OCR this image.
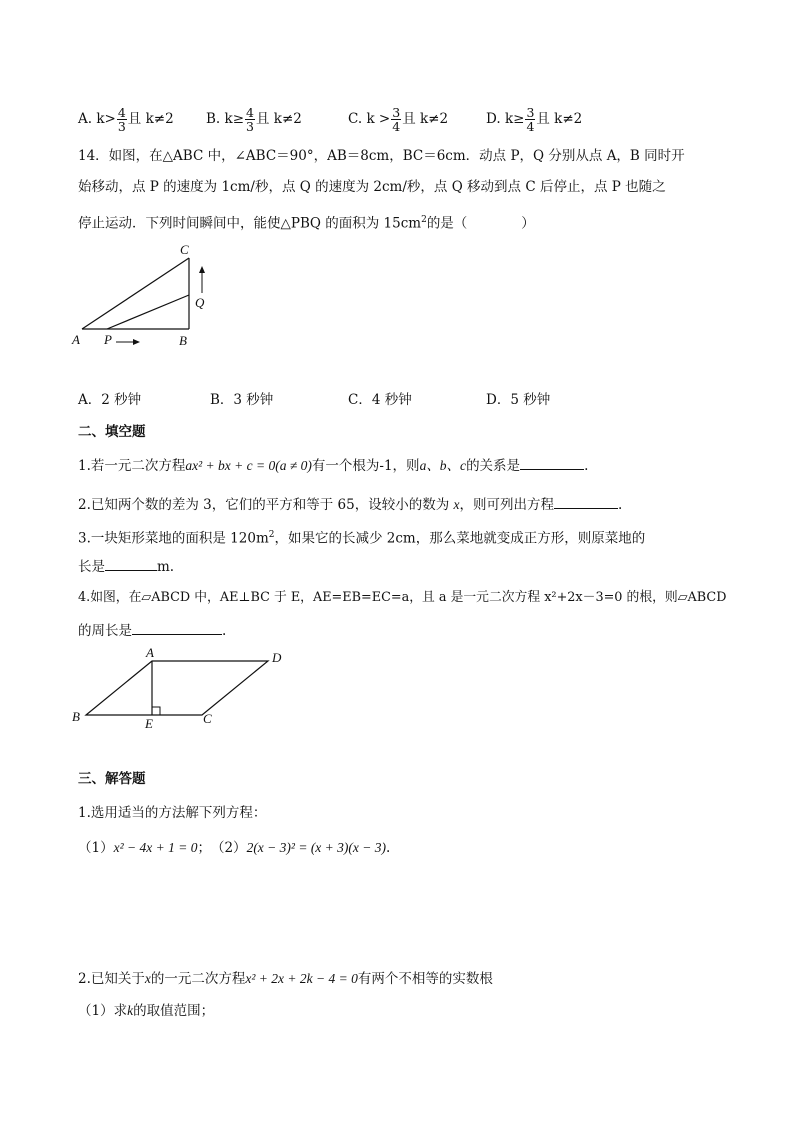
A. $k> \frac{4}{3}$ 且 k≠2 B. $k\ge \frac{4}{3}$ 且 k≠2	C. $k > \frac{3}{4}$ 且 k≠2	D. $k\ge \frac{3}{4}$ 且 k≠2
14．如图，在△ABC 中，∠ABC＝90°，AB＝8cm，BC＝6cm．动点 P，Q 分别从点 A，B 同时开
始移动，点 P 的速度为 1cm/秒，点 Q 的速度为 2cm/秒，点 Q 移动到点 C 后停止，点 P 也随之
停止运动．下列时间瞬间中，能使△PBQ 的面积为 $15cm^2$的是（　　　　）
C
Q
A P	B
A．2 秒钟	B．3 秒钟	C．4 秒钟	D．5 秒钟
二、填空题
1.若一元二次方程ax² + bx + c = 0(a ≠ 0)有一个根为-1，则a、b、c的关系是	.
2.已知两个数的差为 3，它们的平方和等于 65，设较小的数为 x，则可列出方程	.
3.一块矩形菜地的面积是 $120m^2$，如果它的长减少 2cm，那么菜地就变成正方形，则原菜地的
长是	m.
4.如图，在▱ABCD 中，AE⊥BC 于 E，AE=EB=EC=a，且 a 是一元二次方程 x²+2x－3=0 的根，则▱ABCD
的周长是	.
A	D
B	E	C
三、解答题
1.选用适当的方法解下列方程：
（1）x² − 4x + 1 = 0；　 （2）2(x − 3)² = (x + 3)(x − 3).
2.已知关于x的一元二次方程x² + 2x + 2k − 4 = 0有两个不相等的实数根
（1）求k的取值范围；
